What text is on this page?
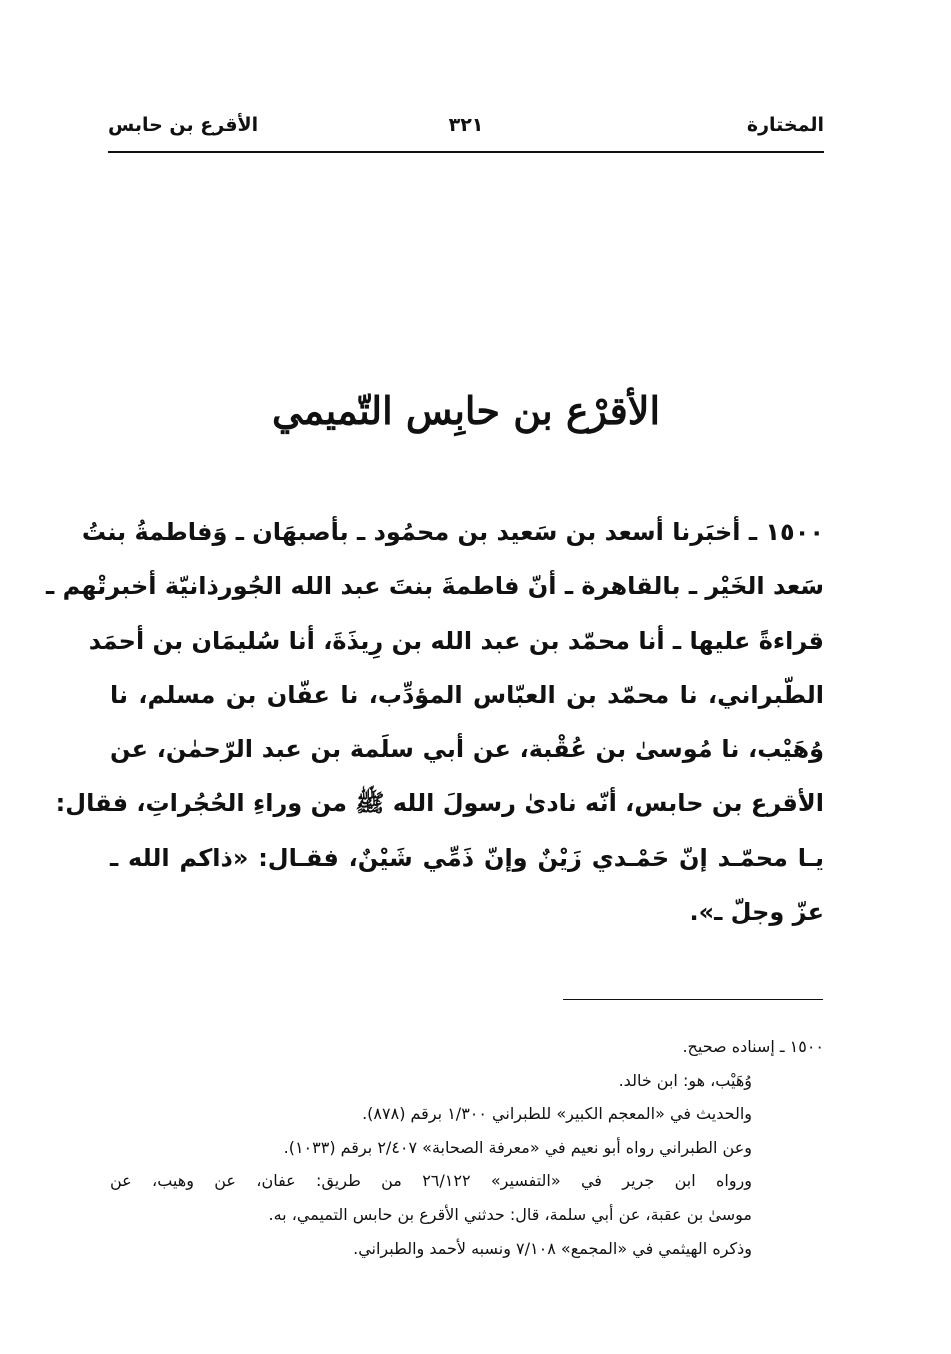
المختارة
٣٢١
الأقرع بن حابس
الأقرْع بن حابِس التّميمي
١٥٠٠ ـ أخبَرنا أسعد بن سَعيد بن محمُود ـ بأصبهَان ـ وَفاطمةُ بنتُ
سَعد الخَيْر ـ بالقاهرة ـ أنّ فاطمةَ بنتَ عبد الله الجُورذانيّة أخبرتْهم ـ
قراءةً عليها ـ أنا محمّد بن عبد الله بن رِيذَةَ، أنا سُليمَان بن أحمَد
الطّبراني، نا محمّد بن العبّاس المؤدِّب، نا عفّان بن مسلم، نا
وُهَيْب، نا مُوسىٰ بن عُقْبة، عن أبي سلَمة بن عبد الرّحمٰن، عن
الأقرع بن حابس، أنّه نادىٰ رسولَ الله ﷺ من وراءِ الحُجُراتِ، فقال:
يـا محمّـد إنّ حَمْـدي زَيْنٌ وإنّ ذَمِّي شَيْنٌ، فقـال: «ذاكم الله ـ
عزّ وجلّ ـ».
١٥٠٠ ـ إسناده صحيح.
وُهَيْب، هو: ابن خالد.
والحديث في «المعجم الكبير» للطبراني ١/٣٠٠ برقم (٨٧٨).
وعن الطبراني رواه أبو نعيم في «معرفة الصحابة» ٢/٤٠٧ برقم (١٠٣٣).
ورواه ابن جرير في «التفسير» ٢٦/١٢٢ من طريق: عفان، عن وهيب، عن
موسىٰ بن عقبة، عن أبي سلمة، قال: حدثني الأقرع بن حابس التميمي، به.
وذكره الهيثمي في «المجمع» ٧/١٠٨ ونسبه لأحمد والطبراني.
